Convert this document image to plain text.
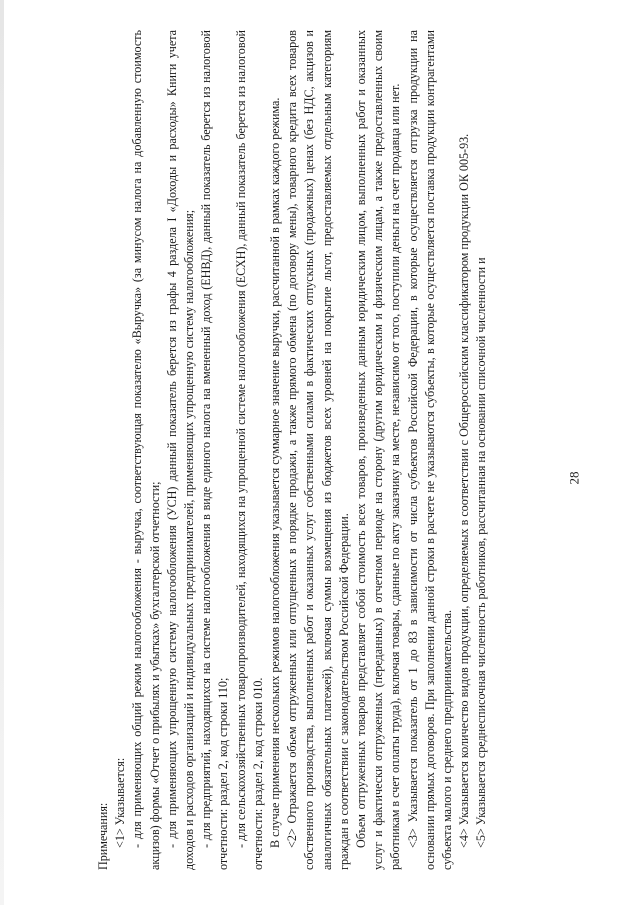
28

Примечания: <1> Указывается: - для применяющих общий режим налогообложения - выручка, соответствующая показателю «Выручка» (за минусом налога на добавленную стоимость акцизов) формы «Отчет о прибылях и убытках» бухгалтерской отчетности; - для применяющих упрощенную систему налогообложения (УСН) данный показатель берется из графы 4 раздела I «Доходы и расходы» Книги учета доходов и расходов организаций и индивидуальных предпринимателей, применяющих упрощенную систему налогообложения; - для предприятий, находящихся на системе налогообложения в виде единого налога на вмененный доход (ЕНВД), данный показатель берется из налоговой отчетности: раздел 2, код строки 110; - для сельскохозяйственных товаропроизводителей, находящихся на упрощенной системе налогообложения (ЕСХН), данный показатель берется из налоговой отчетности: раздел 2, код строки 010. В случае применения нескольких режимов налогообложения указывается суммарное значение выручки, рассчитанной в рамках каждого режима. <2> Отражается объем отгруженных или отпущенных в порядке продажи, а также прямого обмена (по договору мены), товарного кредита всех товаров собственного производства, выполненных работ и оказанных услуг собственными силами в фактических отпускных (продажных) ценах (без НДС, акцизов и аналогичных обязательных платежей), включая суммы возмещения из бюджетов всех уровней на покрытие льгот, предоставляемых отдельным категориям граждан в соответствии с законодательством Российской Федерации. Объем отгруженных товаров представляет собой стоимость всех товаров, произведенных данным юридическим лицом, выполненных работ и оказанных услуг и фактически отгруженных (переданных) в отчетном периоде на сторону (другим юридическим и физическим лицам, а также предоставленных своим работникам в счет оплаты труда), включая товары, сданные по акту заказчику на месте, независимо от того, поступили деньги на счет продавца или нет. <3> Указывается показатель от 1 до 83 в зависимости от числа субъектов Российской Федерации, в которые осуществляется отгрузка продукции на основании прямых договоров. При заполнении данной строки в расчете не указываются субъекты, в которые осуществляется поставка продукции контрагентами субъекта малого и среднего предпринимательства. <4> Указывается количество видов продукции, определяемых в соответствии с Общероссийским классификатором продукции ОК 005-93. <5> Указывается среднесписочная численность работников, рассчитанная на основании списочной численности и
